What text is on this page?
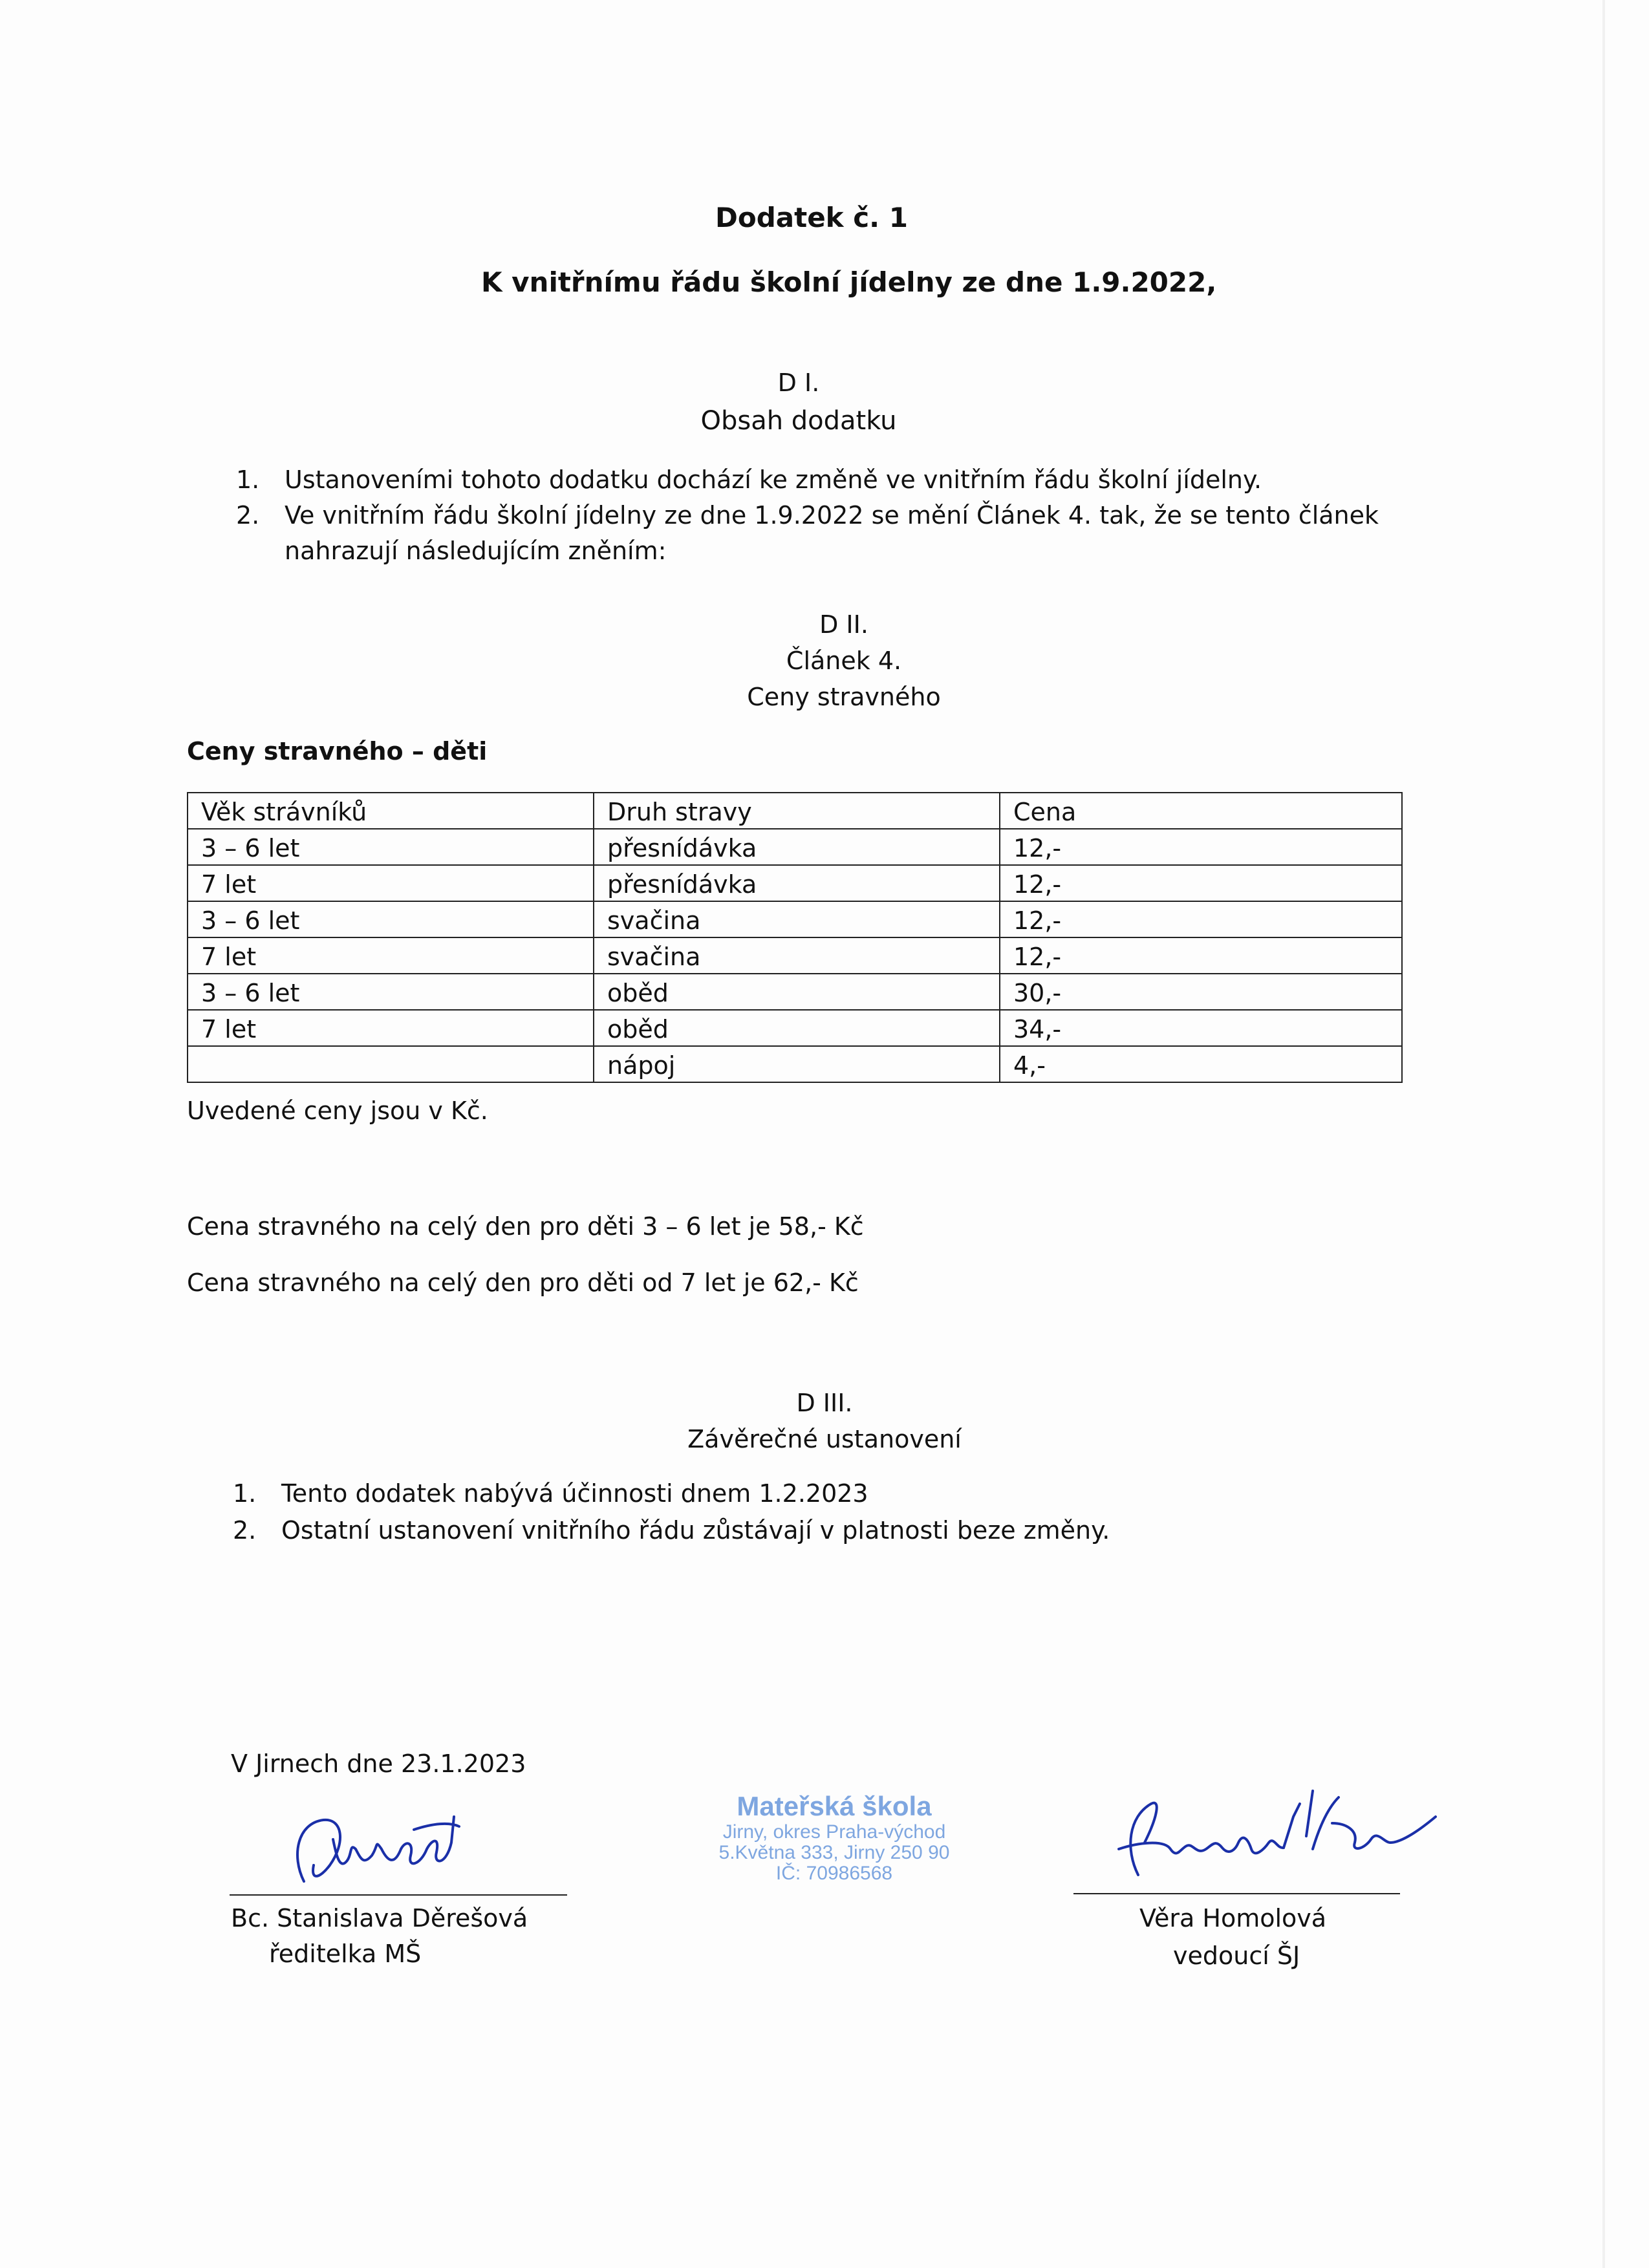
Dodatek č. 1
K vnitřnímu řádu školní jídelny ze dne 1.9.2022,
D I.
Obsah dodatku
1. Ustanoveními tohoto dodatku dochází ke změně ve vnitřním řádu školní jídelny.
2. Ve vnitřním řádu školní jídelny ze dne 1.9.2022 se mění Článek 4. tak, že se tento článek
nahrazují následujícím zněním:
D II.
Článek 4.
Ceny stravného
Ceny stravného – děti
Věk strávníků	Druh stravy	Cena
3 – 6 let	přesnídávka	12,-
7 let	přesnídávka	12,-
3 – 6 let	svačina	12,-
7 let	svačina	12,-
3 – 6 let	oběd	30,-
7 let	oběd	34,-
	nápoj	4,-
Uvedené ceny jsou v Kč.
Cena stravného na celý den pro děti 3 – 6 let je 58,- Kč
Cena stravného na celý den pro děti od 7 let je 62,- Kč
D III.
Závěrečné ustanovení
1. Tento dodatek nabývá účinnosti dnem 1.2.2023
2. Ostatní ustanovení vnitřního řádu zůstávají v platnosti beze změny.
V Jirnech dne 23.1.2023
Bc. Stanislava Děrešová
ředitelka MŠ
Mateřská škola
Jirny, okres Praha-východ
5.Května 333, Jirny 250 90
IČ: 70986568
Věra Homolová
vedoucí ŠJ
